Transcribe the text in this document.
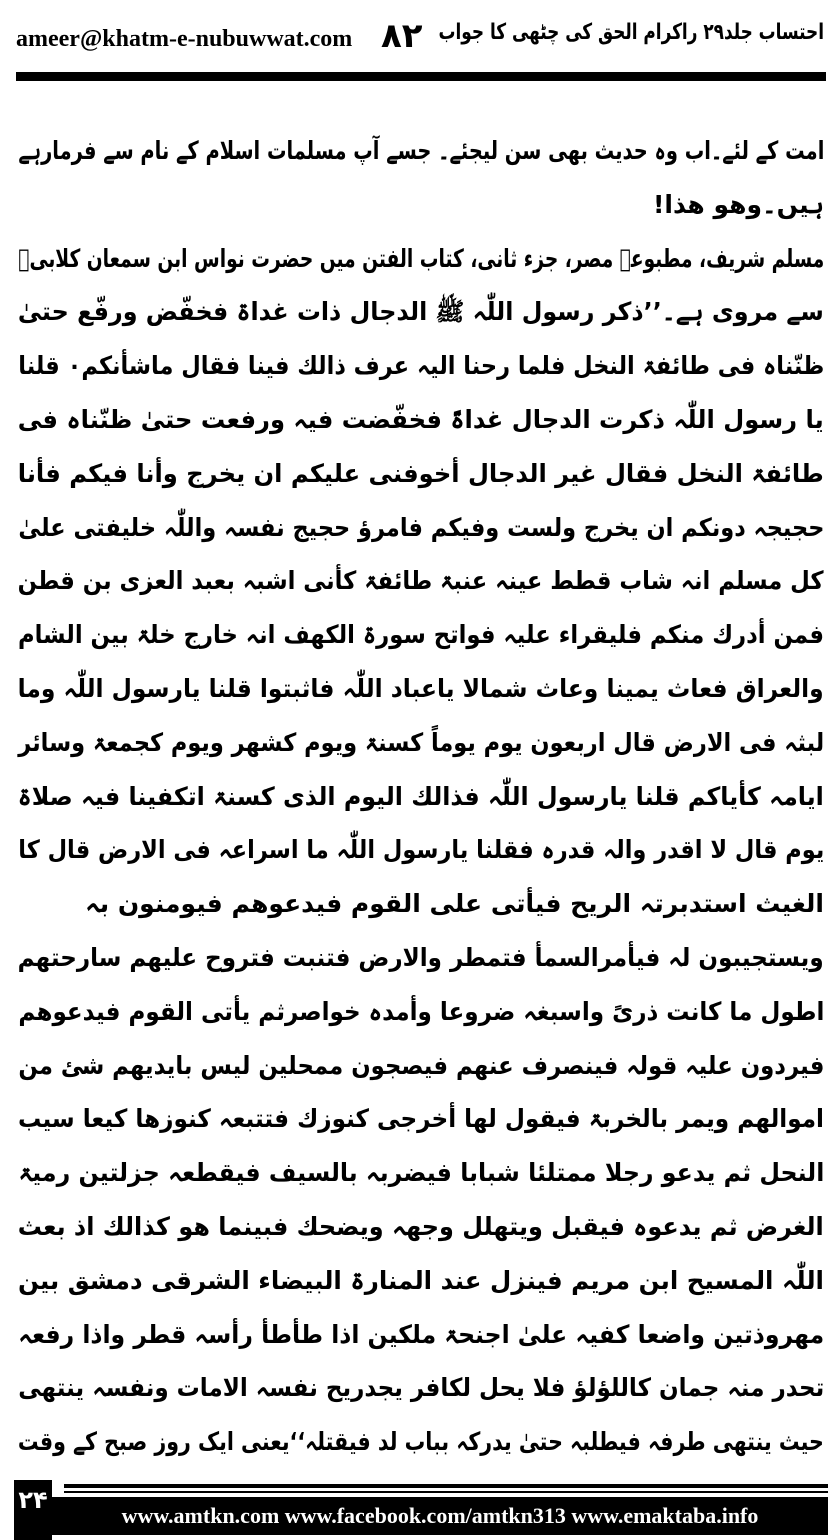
ameer@khatm-e-nubuwwat.com ۸۲ احتساب جلد۲۹ راکرام الحق کی چٹھی کا جواب
امت کے لئے۔اب وہ حدیث بھی سن لیجئے۔ جسے آپ مسلمات اسلام کے نام سے فرمارہے
ہیں۔وھو ھذا!
مسلم شریف، مطبوعہ مصر، جزء ثانی، کتاب الفتن میں حضرت نواس ابن سمعان کلابیؓ
سے مروی ہے۔’’ذکر رسول اللّٰہ ﷺ الدجال ذات غداۃ فخفّض ورفّع حتیٰ
ظنّناہ فی طائفۃ النخل فلما رحنا الیہ عرف ذالك فینا فقال ماشأنکم۰ قلنا
یا رسول اللّٰہ ذکرت الدجال غداۃً فخفّضت فیہ ورفعت حتیٰ ظنّناہ فی
طائفۃ النخل فقال غیر الدجال أخوفنی علیکم ان یخرج وأنا فیکم فأنا
حجیجہ دونکم ان یخرج ولست وفیکم فامرؤ حجیج نفسہ واللّٰہ خلیفتی علیٰ
کل مسلم انہ شاب قطط عینہ عنبۃ طائفۃ کأنی اشبہ بعبد العزی بن قطن
فمن أدرك منکم فلیقراء علیہ فواتح سورۃ الکھف انہ خارج خلۃ بین الشام
والعراق فعاث یمینا وعاث شمالا یاعباد اللّٰہ فاثبتوا قلنا یارسول اللّٰہ وما
لبثہ فی الارض قال اربعون یوم یوماً کسنۃ ویوم کشھر ویوم کجمعۃ وسائر
ایامہ کأیاکم قلنا یارسول اللّٰہ فذالك الیوم الذی کسنۃ اتکفینا فیہ صلاۃ
یوم قال لا اقدر والہ قدرہ فقلنا یارسول اللّٰہ ما اسراعہ فی الارض قال کا
الغیث استدبرتہ الریح فیأتی علی القوم فیدعوھم فیومنون بہ
ویستجیبون لہ فیأمرالسمأ فتمطر والارض فتنبت فتروح علیھم سارحتھم
اطول ما کانت ذریً واسبغہ ضروعا وأمدہ خواصرثم یأتی القوم فیدعوھم
فیردون علیہ قولہ فینصرف عنھم فیصجون ممحلین لیس بایدیھم شئ من
اموالھم ویمر بالخربۃ فیقول لھا أخرجی کنوزك فتتبعہ کنوزھا کیعا سیب
النحل ثم یدعو رجلا ممتلئا شبابا فیضربہ بالسیف فیقطعہ جزلتین رمیۃ
الغرض ثم یدعوہ فیقبل ویتھلل وجھہ ویضحك فبینما ھو کذالك اذ بعث
اللّٰہ المسیح ابن مریم فینزل عند المنارۃ البیضاء الشرقی دمشق بین
مھروذتین واضعا کفیہ علیٰ اجنحۃ ملکین اذا طأطأ رأسہ قطر واذا رفعہ
تحدر منہ جمان کاللؤلؤ فلا یحل لکافر یجدریح نفسہ الامات ونفسہ ینتھی
حیث ینتھی طرفہ فیطلبہ حتیٰ یدرکہ بباب لد فیقتلہ‘‘یعنی ایک روز صبح کے وقت
۲۴
www.amtkn.com www.facebook.com/amtkn313 www.emaktaba.info
